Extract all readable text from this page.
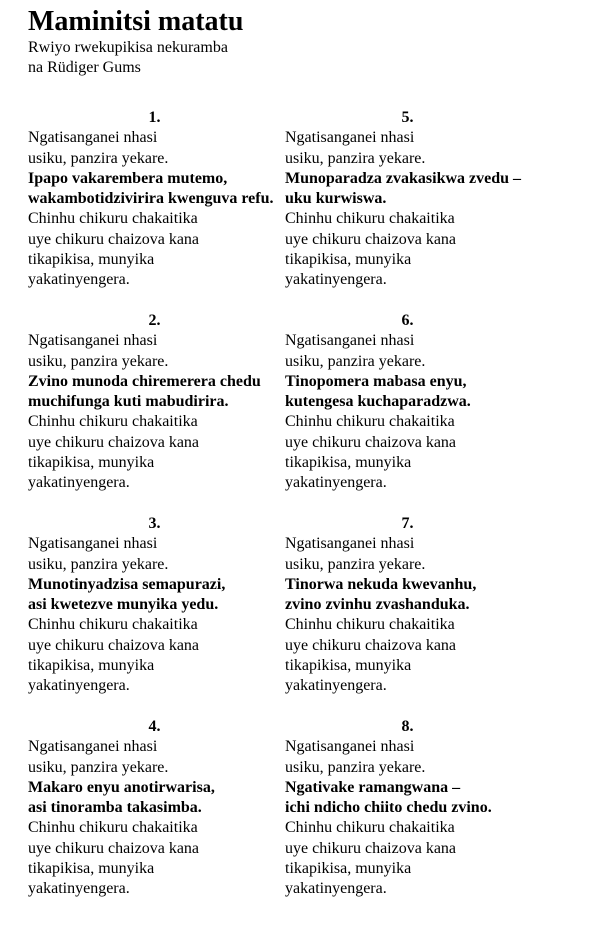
Maminitsi matatu
Rwiyo rwekupikisa nekuramba
na Rüdiger Gums
1.
Ngatisanganei nhasi
usiku, panzira yekare.
Ipapo vakarembera mutemo,
wakambotidzivirira kwenguva refu.
Chinhu chikuru chakaitika
uye chikuru chaizova kana
tikapikisa, munyika
yakatinyengera.
2.
Ngatisanganei nhasi
usiku, panzira yekare.
Zvino munoda chiremerera chedu
muchifunga kuti mabudirira.
Chinhu chikuru chakaitika
uye chikuru chaizova kana
tikapikisa, munyika
yakatinyengera.
3.
Ngatisanganei nhasi
usiku, panzira yekare.
Munotinyadzisa semapurazi,
asi kwetezve munyika yedu.
Chinhu chikuru chakaitika
uye chikuru chaizova kana
tikapikisa, munyika
yakatinyengera.
4.
Ngatisanganei nhasi
usiku, panzira yekare.
Makaro enyu anotirwarisa,
asi tinoramba takasimba.
Chinhu chikuru chakaitika
uye chikuru chaizova kana
tikapikisa, munyika
yakatinyengera.
5.
Ngatisanganei nhasi
usiku, panzira yekare.
Munoparadza zvakasikwa zvedu –
uku kurwiswa.
Chinhu chikuru chakaitika
uye chikuru chaizova kana
tikapikisa, munyika
yakatinyengera.
6.
Ngatisanganei nhasi
usiku, panzira yekare.
Tinopomera mabasa enyu,
kutengesa kuchaparadzwa.
Chinhu chikuru chakaitika
uye chikuru chaizova kana
tikapikisa, munyika
yakatinyengera.
7.
Ngatisanganei nhasi
usiku, panzira yekare.
Tinorwa nekuda kwevanhu,
zvino zvinhu zvashanduka.
Chinhu chikuru chakaitika
uye chikuru chaizova kana
tikapikisa, munyika
yakatinyengera.
8.
Ngatisanganei nhasi
usiku, panzira yekare.
Ngativake ramangwana –
ichi ndicho chiito chedu zvino.
Chinhu chikuru chakaitika
uye chikuru chaizova kana
tikapikisa, munyika
yakatinyengera.
